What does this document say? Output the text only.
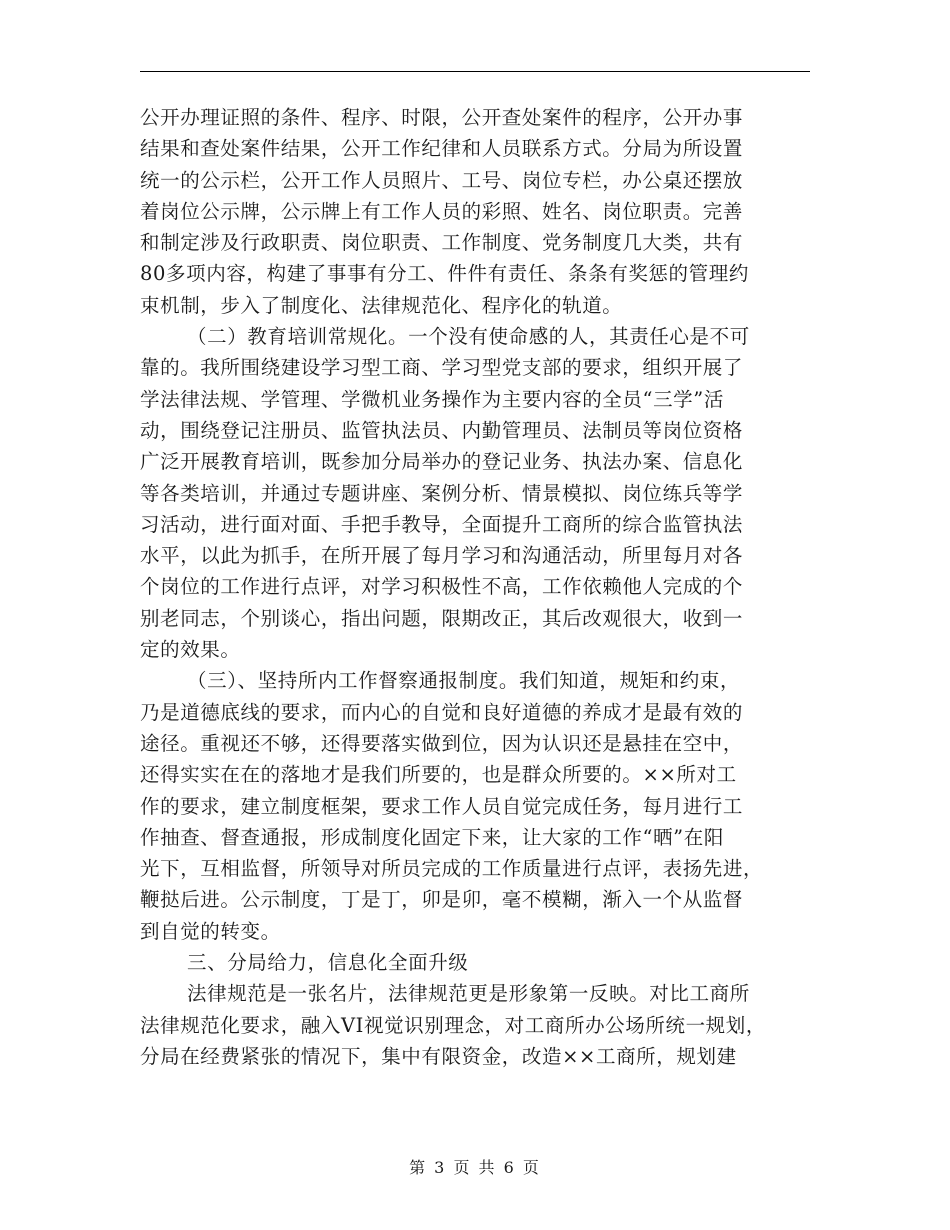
公开办理证照的条件、程序、时限，公开查处案件的程序，公开办事
结果和查处案件结果，公开工作纪律和人员联系方式。分局为所设置
统一的公示栏，公开工作人员照片、工号、岗位专栏，办公桌还摆放
着岗位公示牌，公示牌上有工作人员的彩照、姓名、岗位职责。完善
和制定涉及行政职责、岗位职责、工作制度、党务制度几大类，共有
80多项内容，构建了事事有分工、件件有责任、条条有奖惩的管理约
束机制，步入了制度化、法律规范化、程序化的轨道。
（二）教育培训常规化。一个没有使命感的人，其责任心是不可
靠的。我所围绕建设学习型工商、学习型党支部的要求，组织开展了
学法律法规、学管理、学微机业务操作为主要内容的全员“三学”活
动，围绕登记注册员、监管执法员、内勤管理员、法制员等岗位资格
广泛开展教育培训，既参加分局举办的登记业务、执法办案、信息化
等各类培训，并通过专题讲座、案例分析、情景模拟、岗位练兵等学
习活动，进行面对面、手把手教导，全面提升工商所的综合监管执法
水平，以此为抓手，在所开展了每月学习和沟通活动，所里每月对各
个岗位的工作进行点评，对学习积极性不高，工作依赖他人完成的个
别老同志，个别谈心，指出问题，限期改正，其后改观很大，收到一
定的效果。
（三）、坚持所内工作督察通报制度。我们知道，规矩和约束，
乃是道德底线的要求，而内心的自觉和良好道德的养成才是最有效的
途径。重视还不够，还得要落实做到位，因为认识还是悬挂在空中，
还得实实在在的落地才是我们所要的，也是群众所要的。××所对工
作的要求，建立制度框架，要求工作人员自觉完成任务，每月进行工
作抽查、督查通报，形成制度化固定下来，让大家的工作“晒”在阳
光下，互相监督，所领导对所员完成的工作质量进行点评，表扬先进，
鞭挞后进。公示制度，丁是丁，卯是卯，毫不模糊，渐入一个从监督
到自觉的转变。
三、分局给力，信息化全面升级
法律规范是一张名片，法律规范更是形象第一反映。对比工商所
法律规范化要求，融入VI视觉识别理念，对工商所办公场所统一规划，
分局在经费紧张的情况下，集中有限资金，改造××工商所，规划建
第 3 页 共 6 页
